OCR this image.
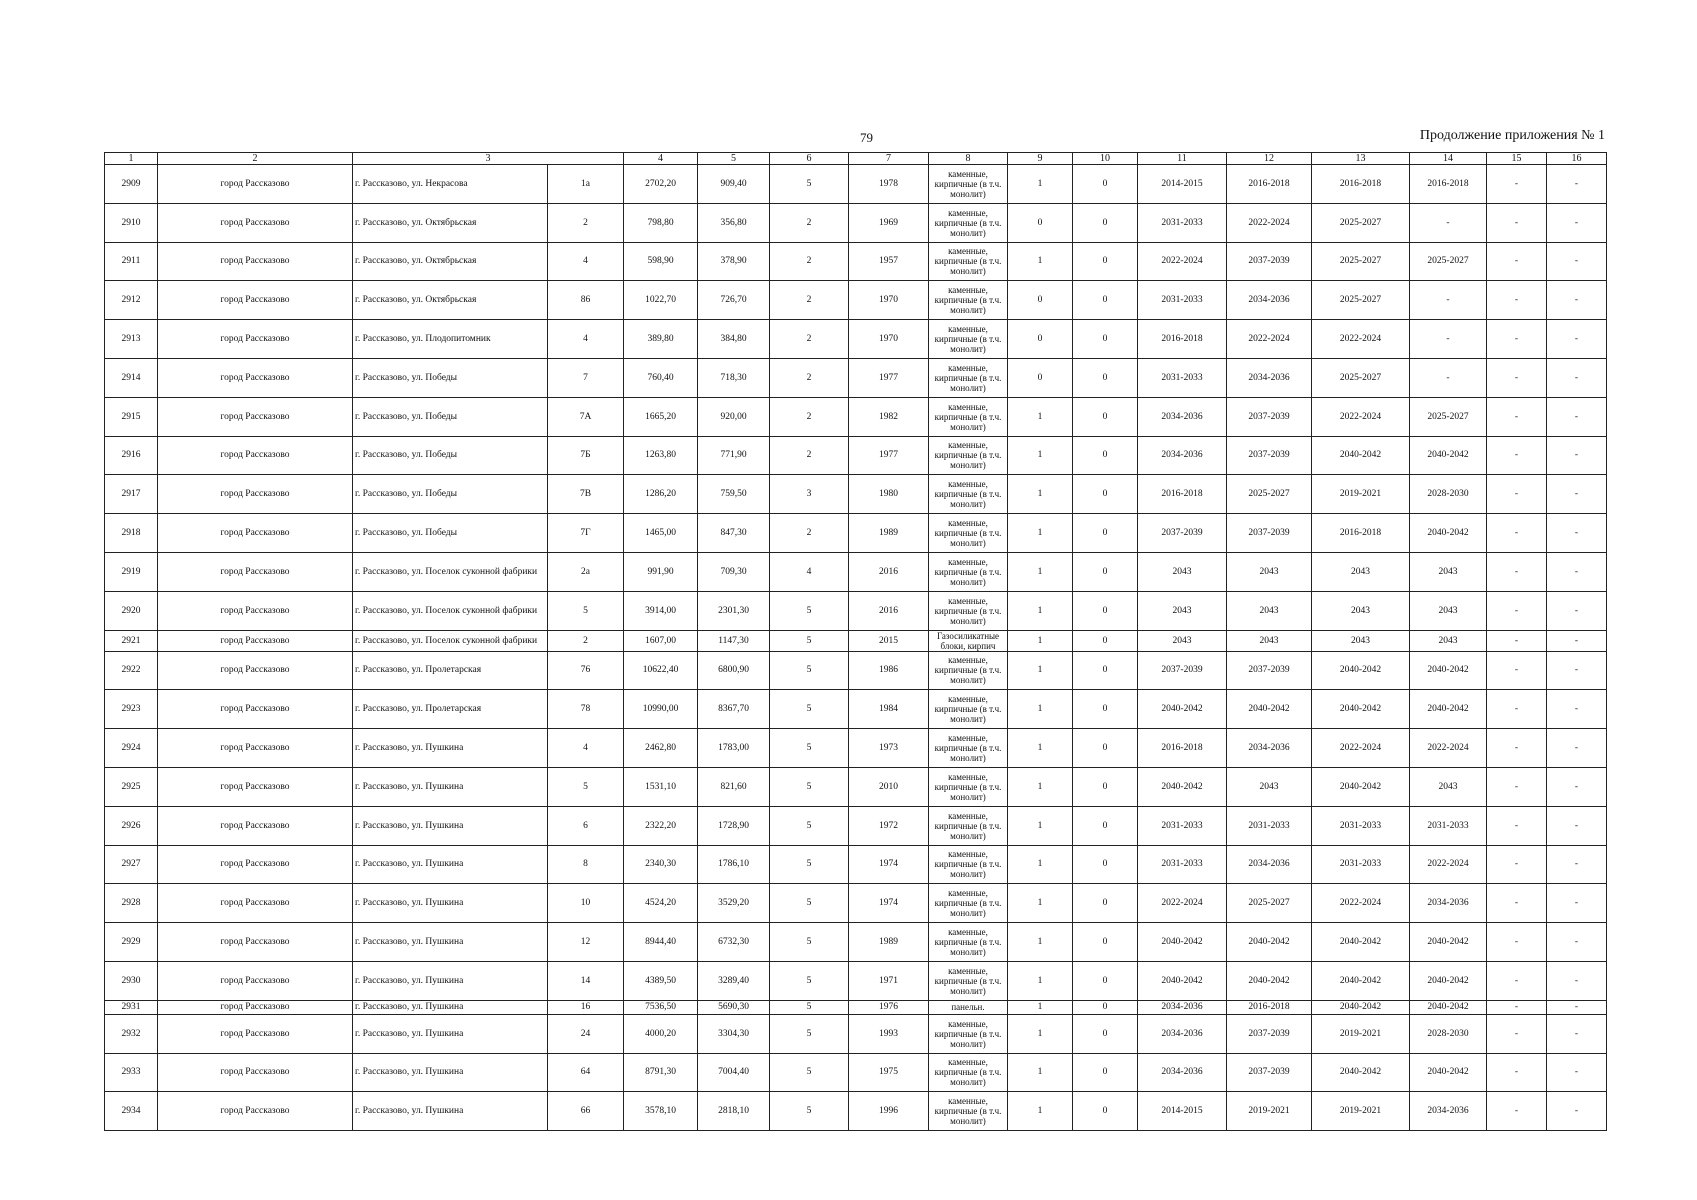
79	Продолжение приложения № 1
1	2	3		4	5	6	7	8	9	10	11	12	13	14	15	16
2909	город Рассказово	г. Рассказово, ул. Некрасова	1а	2702,20	909,40	5	1978	каменные, кирпичные (в т.ч. монолит)	1	0	2014-2015	2016-2018	2016-2018	2016-2018	-	-
2910	город Рассказово	г. Рассказово, ул. Октябрьская	2	798,80	356,80	2	1969	каменные, кирпичные (в т.ч. монолит)	0	0	2031-2033	2022-2024	2025-2027	-	-	-
2911	город Рассказово	г. Рассказово, ул. Октябрьская	4	598,90	378,90	2	1957	каменные, кирпичные (в т.ч. монолит)	1	0	2022-2024	2037-2039	2025-2027	2025-2027	-	-
2912	город Рассказово	г. Рассказово, ул. Октябрьская	86	1022,70	726,70	2	1970	каменные, кирпичные (в т.ч. монолит)	0	0	2031-2033	2034-2036	2025-2027	-	-	-
2913	город Рассказово	г. Рассказово, ул. Плодопитомник	4	389,80	384,80	2	1970	каменные, кирпичные (в т.ч. монолит)	0	0	2016-2018	2022-2024	2022-2024	-	-	-
2914	город Рассказово	г. Рассказово, ул. Победы	7	760,40	718,30	2	1977	каменные, кирпичные (в т.ч. монолит)	0	0	2031-2033	2034-2036	2025-2027	-	-	-
2915	город Рассказово	г. Рассказово, ул. Победы	7А	1665,20	920,00	2	1982	каменные, кирпичные (в т.ч. монолит)	1	0	2034-2036	2037-2039	2022-2024	2025-2027	-	-
2916	город Рассказово	г. Рассказово, ул. Победы	7Б	1263,80	771,90	2	1977	каменные, кирпичные (в т.ч. монолит)	1	0	2034-2036	2037-2039	2040-2042	2040-2042	-	-
2917	город Рассказово	г. Рассказово, ул. Победы	7В	1286,20	759,50	3	1980	каменные, кирпичные (в т.ч. монолит)	1	0	2016-2018	2025-2027	2019-2021	2028-2030	-	-
2918	город Рассказово	г. Рассказово, ул. Победы	7Г	1465,00	847,30	2	1989	каменные, кирпичные (в т.ч. монолит)	1	0	2037-2039	2037-2039	2016-2018	2040-2042	-	-
2919	город Рассказово	г. Рассказово, ул. Поселок суконной фабрики	2а	991,90	709,30	4	2016	каменные, кирпичные (в т.ч. монолит)	1	0	2043	2043	2043	2043	-	-
2920	город Рассказово	г. Рассказово, ул. Поселок суконной фабрики	5	3914,00	2301,30	5	2016	каменные, кирпичные (в т.ч. монолит)	1	0	2043	2043	2043	2043	-	-
2921	город Рассказово	г. Рассказово, ул. Поселок суконной фабрики	2	1607,00	1147,30	5	2015	Газосиликатные блоки, кирпич	1	0	2043	2043	2043	2043	-	-
2922	город Рассказово	г. Рассказово, ул. Пролетарская	76	10622,40	6800,90	5	1986	каменные, кирпичные (в т.ч. монолит)	1	0	2037-2039	2037-2039	2040-2042	2040-2042	-	-
2923	город Рассказово	г. Рассказово, ул. Пролетарская	78	10990,00	8367,70	5	1984	каменные, кирпичные (в т.ч. монолит)	1	0	2040-2042	2040-2042	2040-2042	2040-2042	-	-
2924	город Рассказово	г. Рассказово, ул. Пушкина	4	2462,80	1783,00	5	1973	каменные, кирпичные (в т.ч. монолит)	1	0	2016-2018	2034-2036	2022-2024	2022-2024	-	-
2925	город Рассказово	г. Рассказово, ул. Пушкина	5	1531,10	821,60	5	2010	каменные, кирпичные (в т.ч. монолит)	1	0	2040-2042	2043	2040-2042	2043	-	-
2926	город Рассказово	г. Рассказово, ул. Пушкина	6	2322,20	1728,90	5	1972	каменные, кирпичные (в т.ч. монолит)	1	0	2031-2033	2031-2033	2031-2033	2031-2033	-	-
2927	город Рассказово	г. Рассказово, ул. Пушкина	8	2340,30	1786,10	5	1974	каменные, кирпичные (в т.ч. монолит)	1	0	2031-2033	2034-2036	2031-2033	2022-2024	-	-
2928	город Рассказово	г. Рассказово, ул. Пушкина	10	4524,20	3529,20	5	1974	каменные, кирпичные (в т.ч. монолит)	1	0	2022-2024	2025-2027	2022-2024	2034-2036	-	-
2929	город Рассказово	г. Рассказово, ул. Пушкина	12	8944,40	6732,30	5	1989	каменные, кирпичные (в т.ч. монолит)	1	0	2040-2042	2040-2042	2040-2042	2040-2042	-	-
2930	город Рассказово	г. Рассказово, ул. Пушкина	14	4389,50	3289,40	5	1971	каменные, кирпичные (в т.ч. монолит)	1	0	2040-2042	2040-2042	2040-2042	2040-2042	-	-
2931	город Рассказово	г. Рассказово, ул. Пушкина	16	7536,50	5690,30	5	1976	панельн.	1	0	2034-2036	2016-2018	2040-2042	2040-2042	-	-
2932	город Рассказово	г. Рассказово, ул. Пушкина	24	4000,20	3304,30	5	1993	каменные, кирпичные (в т.ч. монолит)	1	0	2034-2036	2037-2039	2019-2021	2028-2030	-	-
2933	город Рассказово	г. Рассказово, ул. Пушкина	64	8791,30	7004,40	5	1975	каменные, кирпичные (в т.ч. монолит)	1	0	2034-2036	2037-2039	2040-2042	2040-2042	-	-
2934	город Рассказово	г. Рассказово, ул. Пушкина	66	3578,10	2818,10	5	1996	каменные, кирпичные (в т.ч. монолит)	1	0	2014-2015	2019-2021	2019-2021	2034-2036	-	-
